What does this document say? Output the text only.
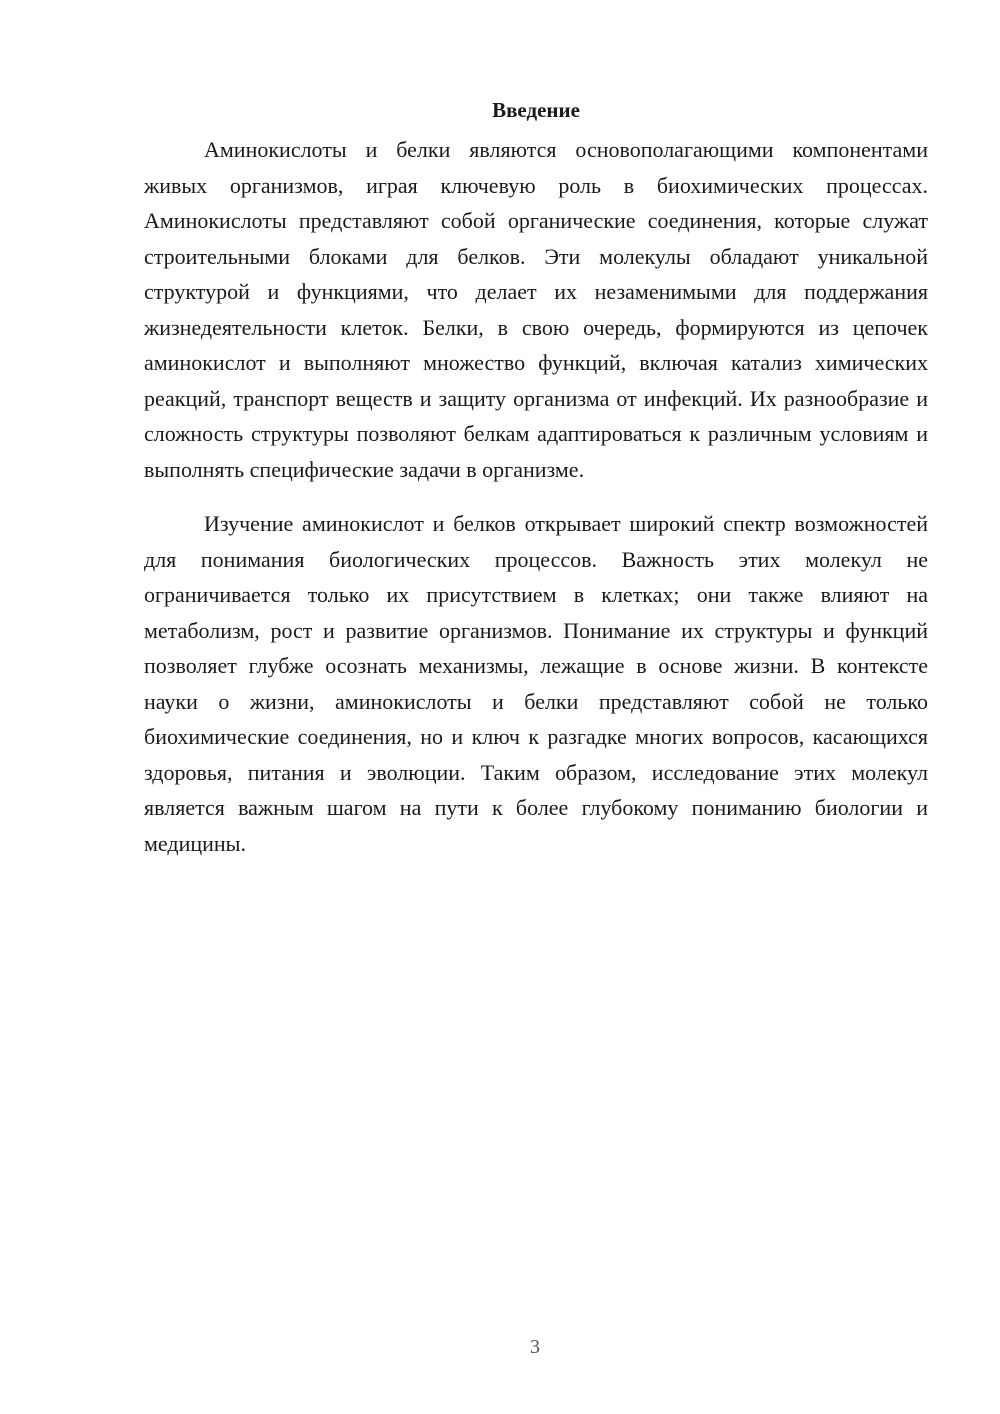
Введение

Аминокислоты и белки являются основополагающими компонентами живых организмов, играя ключевую роль в биохимических процессах. Аминокислоты представляют собой органические соединения, которые служат строительными блоками для белков. Эти молекулы обладают уникальной структурой и функциями, что делает их незаменимыми для поддержания жизнедеятельности клеток. Белки, в свою очередь, формируются из цепочек аминокислот и выполняют множество функций, включая катализ химических реакций, транспорт веществ и защиту организма от инфекций. Их разнообразие и сложность структуры позволяют белкам адаптироваться к различным условиям и выполнять специфические задачи в организме.

Изучение аминокислот и белков открывает широкий спектр возможностей для понимания биологических процессов. Важность этих молекул не ограничивается только их присутствием в клетках; они также влияют на метаболизм, рост и развитие организмов. Понимание их структуры и функций позволяет глубже осознать механизмы, лежащие в основе жизни. В контексте науки о жизни, аминокислоты и белки представляют собой не только биохимические соединения, но и ключ к разгадке многих вопросов, касающихся здоровья, питания и эволюции. Таким образом, исследование этих молекул является важным шагом на пути к более глубокому пониманию биологии и медицины.

3
